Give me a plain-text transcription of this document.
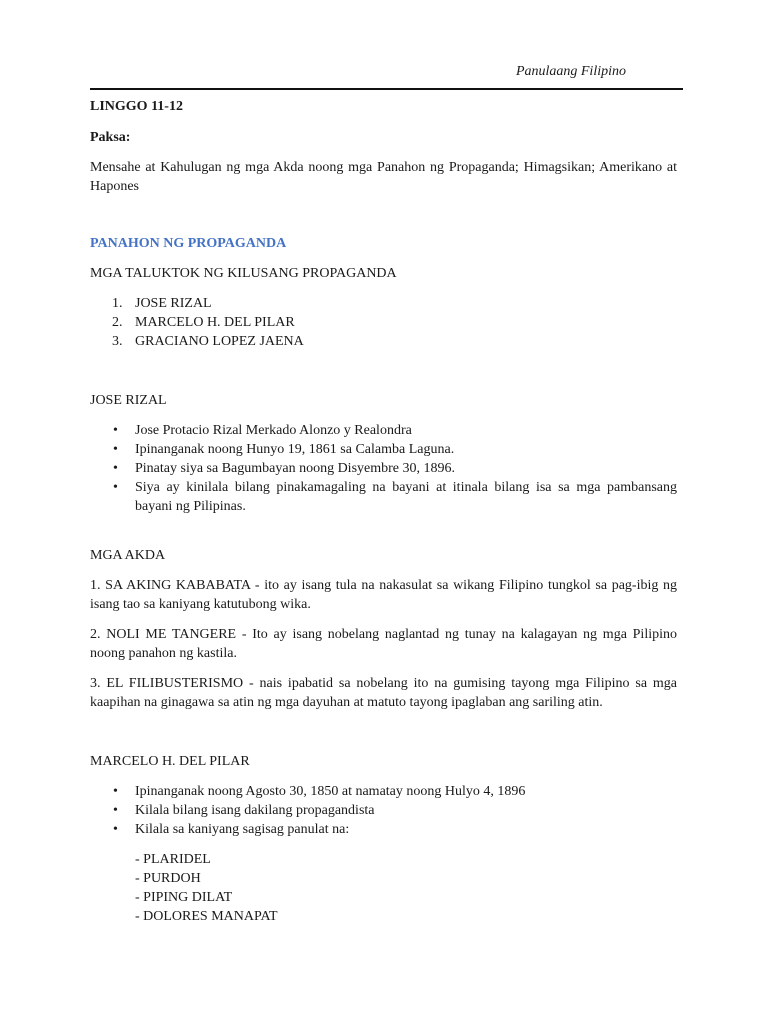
Panulaang Filipino

LINGGO 11-12

Paksa:

Mensahe at Kahulugan ng mga Akda noong mga Panahon ng Propaganda; Himagsikan; Amerikano at Hapones

PANAHON NG PROPAGANDA

MGA TALUKTOK NG KILUSANG PROPAGANDA

1. JOSE RIZAL
2. MARCELO H. DEL PILAR
3. GRACIANO LOPEZ JAENA

JOSE RIZAL

• Jose Protacio Rizal Merkado Alonzo y Realondra
• Ipinanganak noong Hunyo 19, 1861 sa Calamba Laguna.
• Pinatay siya sa Bagumbayan noong Disyembre 30, 1896.
• Siya ay kinilala bilang pinakamagaling na bayani at itinala bilang isa sa mga pambansang bayani ng Pilipinas.

MGA AKDA

1. SA AKING KABABATA - ito ay isang tula na nakasulat sa wikang Filipino tungkol sa pag-ibig ng isang tao sa kaniyang katutubong wika.

2. NOLI ME TANGERE - Ito ay isang nobelang naglantad ng tunay na kalagayan ng mga Pilipino noong panahon ng kastila.

3. EL FILIBUSTERISMO - nais ipabatid sa nobelang ito na gumising tayong mga Filipino sa mga kaapihan na ginagawa sa atin ng mga dayuhan at matuto tayong ipaglaban ang sariling atin.

MARCELO H. DEL PILAR

• Ipinanganak noong Agosto 30, 1850 at namatay noong Hulyo 4, 1896
• Kilala bilang isang dakilang propagandista
• Kilala sa kaniyang sagisag panulat na:
- PLARIDEL
- PURDOH
- PIPING DILAT
- DOLORES MANAPAT
